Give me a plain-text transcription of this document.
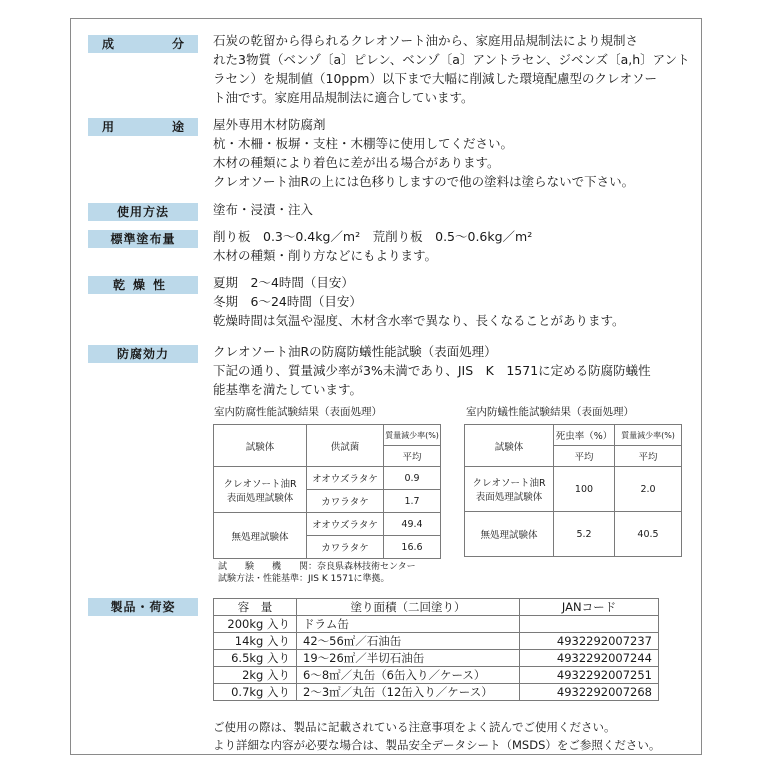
成	分 石炭の乾留から得られるクレオソート油から、家庭用品規制法により規制さ
れた3物質（ベンゾ〔a〕ピレン、ベンゾ〔a〕アントラセン、ジベンズ〔a,h〕アント
ラセン）を規制値（10ppm）以下まで大幅に削減した環境配慮型のクレオソー
ト油です。家庭用品規制法に適合しています。
用	途 屋外専用木材防腐剤
杭・木柵・板塀・支柱・木棚等に使用してください。
木材の種類により着色に差が出る場合があります。
クレオソート油Rの上には色移りしますので他の塗料は塗らないで下さい。
使用方法	塗布・浸漬・注入
標準塗布量	削り板　0.3〜0.4kg／m²　荒削り板　0.5〜0.6kg／m²
木材の種類・削り方などにもよります。
乾燥性	夏期　2〜4時間（目安）
冬期　6〜24時間（目安）
乾燥時間は気温や湿度、木材含水率で異なり、長くなることがあります。
防腐効力	クレオソート油Rの防腐防蟻性能試験（表面処理）
下記の通り、質量減少率が3%未満であり、JIS　K　1571に定める防腐防蟻性
能基準を満たしています。
室内防腐性能試験結果（表面処理）
試験体	供試菌	質量減少率(%)
		平均

クレオソート油R
表面処理試験体	オオウズラタケ	0.9
	カワラタケ	1.7
無処理試験体	オオウズラタケ	49.4
	カワラタケ	16.6
室内防蟻性能試験結果（表面処理）
試験体	死虫率（%）	質量減少率(%)
	平均	平均

クレオソート油R
表面処理試験体	100	2.0
無処理試験体	5.2	40.5
試　　験　　機　　関：奈良県森林技術センター
試験方法・性能基準：JIS K 1571に準拠。
製品・荷姿	容　量	塗り面積（二回塗り）	JANコード
200kg 入り	ドラム缶	
14kg 入り	42〜56㎡／石油缶	4932292007237
6.5kg 入り	19〜26㎡／半切石油缶	4932292007244
2kg 入り	6〜8㎡／丸缶（6缶入り／ケース）	4932292007251
0.7kg 入り	2〜3㎡／丸缶（12缶入り／ケース）	4932292007268
ご使用の際は、製品に記載されている注意事項をよく読んでご使用ください。
より詳細な内容が必要な場合は、製品安全データシート（MSDS）をご参照ください。
